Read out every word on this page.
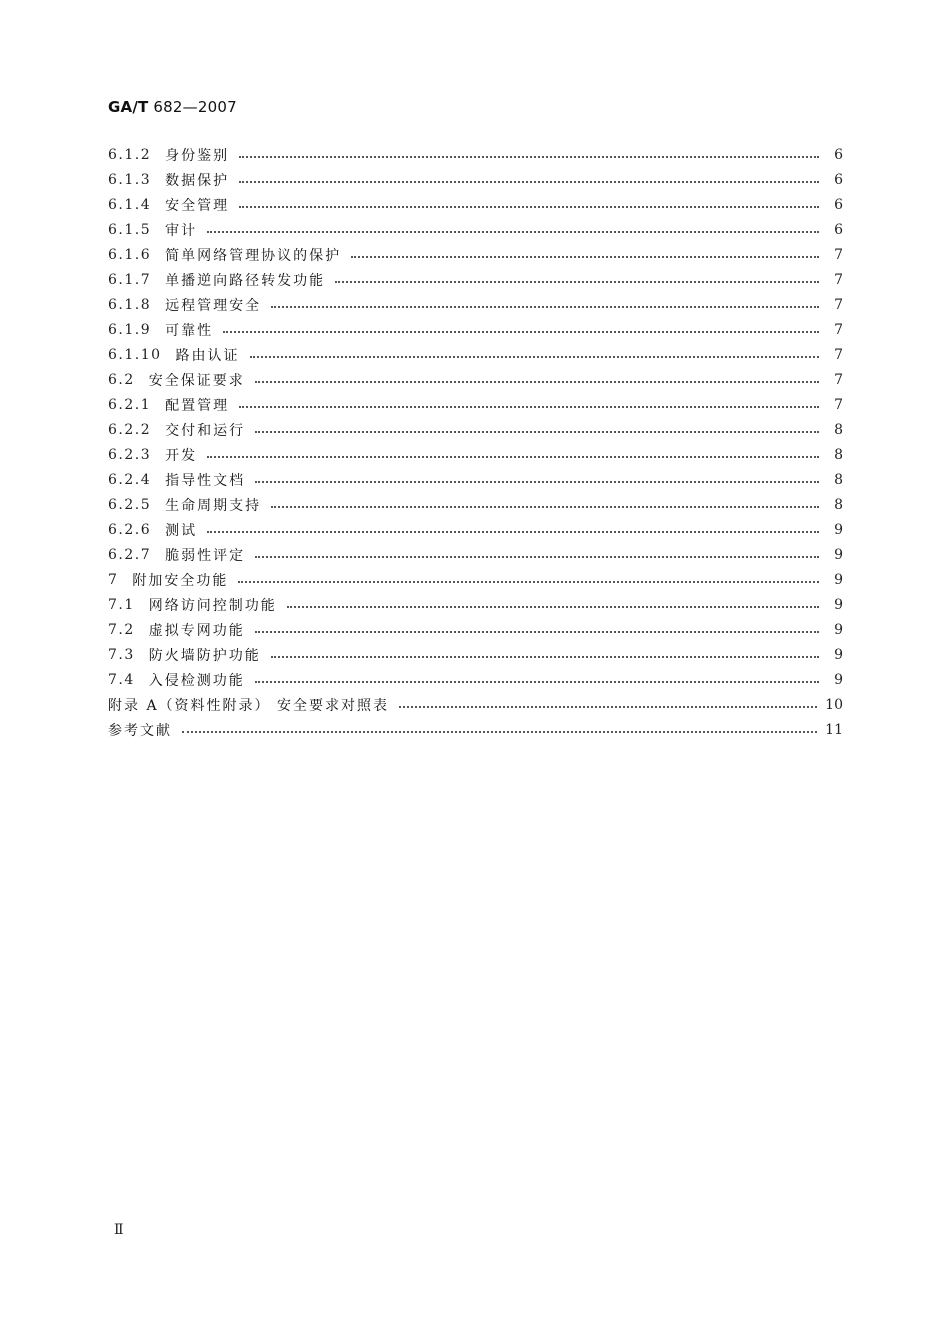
GA/T 682—2007
6.1.2 身份鉴别	6
6.1.3 数据保护	6
6.1.4 安全管理	6
6.1.5 审计	6
6.1.6 简单网络管理协议的保护	7
6.1.7 单播逆向路径转发功能	7
6.1.8 远程管理安全	7
6.1.9 可靠性	7
6.1.10 路由认证	7
6.2 安全保证要求	7
6.2.1 配置管理	7
6.2.2 交付和运行	8
6.2.3 开发	8
6.2.4 指导性文档	8
6.2.5 生命周期支持	8
6.2.6 测试	9
6.2.7 脆弱性评定	9
7 附加安全功能	9
7.1 网络访问控制功能	9
7.2 虚拟专网功能	9
7.3 防火墙防护功能	9
7.4 入侵检测功能	9
附录 A（资料性附录） 安全要求对照表	10
参考文献	11
Ⅱ
